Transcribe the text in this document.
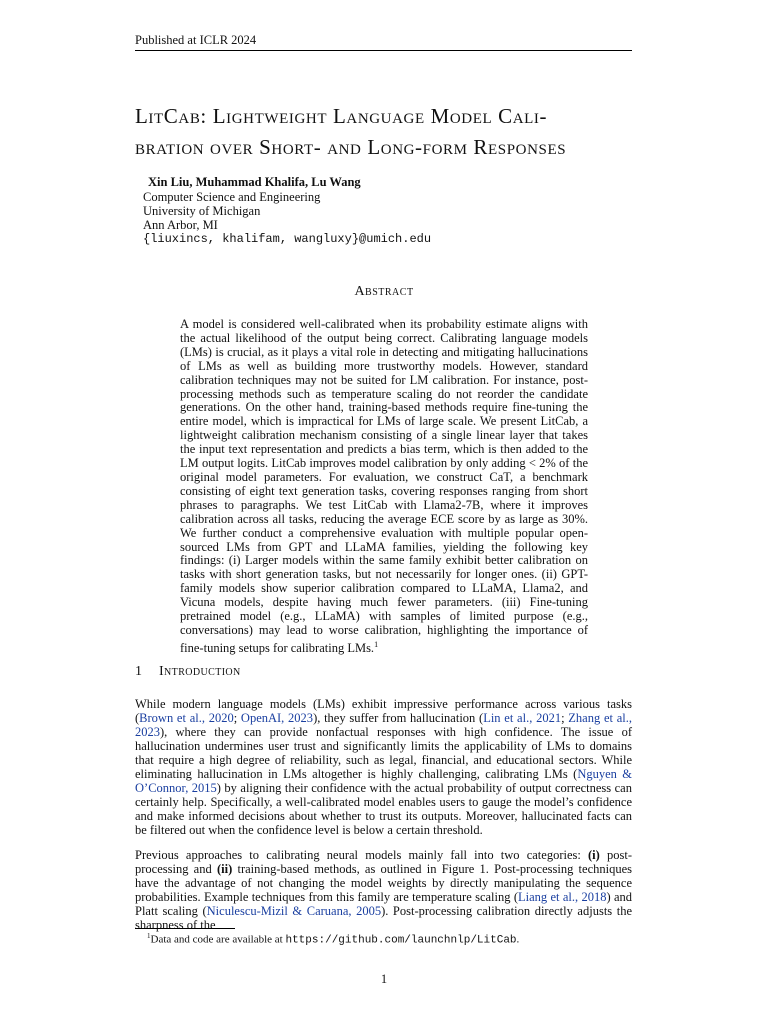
Published at ICLR 2024
LitCab: Lightweight Language Model Cali-
bration over Short- and Long-form Responses
Xin Liu, Muhammad Khalifa, Lu Wang
Computer Science and Engineering
University of Michigan
Ann Arbor, MI
{liuxincs, khalifam, wangluxy}@umich.edu
Abstract
A model is considered well-calibrated when its probability estimate aligns with the actual likelihood of the output being correct. Calibrating language models (LMs) is crucial, as it plays a vital role in detecting and mitigating hallucinations of LMs as well as building more trustworthy models. However, standard calibration techniques may not be suited for LM calibration. For instance, post-processing methods such as temperature scaling do not reorder the candidate generations. On the other hand, training-based methods require fine-tuning the entire model, which is impractical for LMs of large scale. We present LitCab, a lightweight calibration mechanism consisting of a single linear layer that takes the input text representation and predicts a bias term, which is then added to the LM output logits. LitCab improves model calibration by only adding < 2% of the original model parameters. For evaluation, we construct CaT, a benchmark consisting of eight text generation tasks, covering responses ranging from short phrases to paragraphs. We test LitCab with Llama2-7B, where it improves calibration across all tasks, reducing the average ECE score by as large as 30%. We further conduct a comprehensive evaluation with multiple popular open-sourced LMs from GPT and LLaMA families, yielding the following key findings: (i) Larger models within the same family exhibit better calibration on tasks with short generation tasks, but not necessarily for longer ones. (ii) GPT-family models show superior calibration compared to LLaMA, Llama2, and Vicuna models, despite having much fewer parameters. (iii) Fine-tuning pretrained model (e.g., LLaMA) with samples of limited purpose (e.g., conversations) may lead to worse calibration, highlighting the importance of fine-tuning setups for calibrating LMs.$^1$
1 Introduction
While modern language models (LMs) exhibit impressive performance across various tasks (Brown et al., 2020; OpenAI, 2023), they suffer from hallucination (Lin et al., 2021; Zhang et al., 2023), where they can provide nonfactual responses with high confidence. The issue of hallucination undermines user trust and significantly limits the applicability of LMs to domains that require a high degree of reliability, such as legal, financial, and educational sectors. While eliminating hallucination in LMs altogether is highly challenging, calibrating LMs (Nguyen & O’Connor, 2015) by aligning their confidence with the actual probability of output correctness can certainly help. Specifically, a well-calibrated model enables users to gauge the model’s confidence and make informed decisions about whether to trust its outputs. Moreover, hallucinated facts can be filtered out when the confidence level is below a certain threshold.
Previous approaches to calibrating neural models mainly fall into two categories: (i) post-processing and (ii) training-based methods, as outlined in Figure 1. Post-processing techniques have the advantage of not changing the model weights by directly manipulating the sequence probabilities. Example techniques from this family are temperature scaling (Liang et al., 2018) and Platt scaling (Niculescu-Mizil & Caruana, 2005). Post-processing calibration directly adjusts the sharpness of the
$^1$Data and code are available at https://github.com/launchnlp/LitCab.
1
